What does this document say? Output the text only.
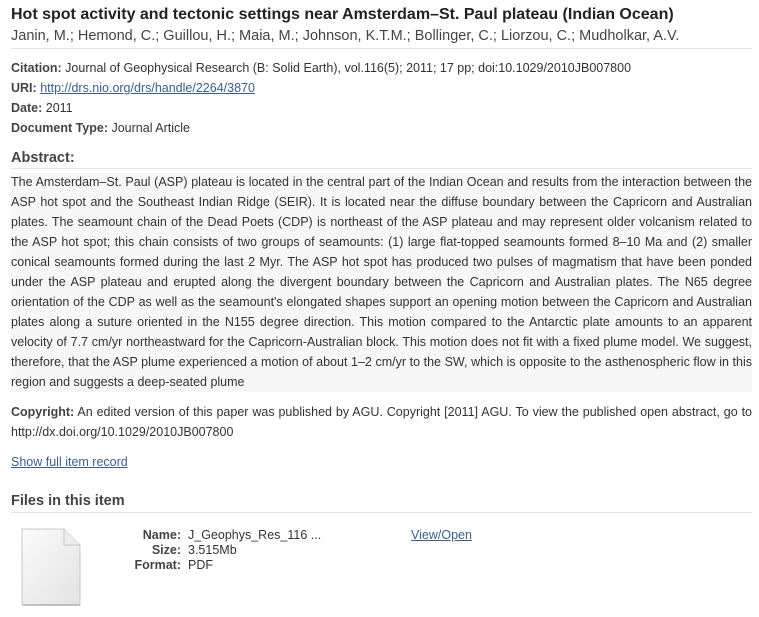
Hot spot activity and tectonic settings near Amsterdam–St. Paul plateau (Indian Ocean)
Janin, M.; Hemond, C.; Guillou, H.; Maia, M.; Johnson, K.T.M.; Bollinger, C.; Liorzou, C.; Mudholkar, A.V.
Citation: Journal of Geophysical Research (B: Solid Earth), vol.116(5); 2011; 17 pp; doi:10.1029/2010JB007800
URI: http://drs.nio.org/drs/handle/2264/3870
Date: 2011
Document Type: Journal Article
Abstract:

The Amsterdam–St. Paul (ASP) plateau is located in the central part of the Indian Ocean and results from the interaction between the ASP hot spot and the Southeast Indian Ridge (SEIR). It is located near the diffuse boundary between the Capricorn and Australian plates. The seamount chain of the Dead Poets (CDP) is northeast of the ASP plateau and may represent older volcanism related to the ASP hot spot; this chain consists of two groups of seamounts: (1) large flat-topped seamounts formed 8–10 Ma and (2) smaller conical seamounts formed during the last 2 Myr. The ASP hot spot has produced two pulses of magmatism that have been ponded under the ASP plateau and erupted along the divergent boundary between the Capricorn and Australian plates. The N65 degree orientation of the CDP as well as the seamount's elongated shapes support an opening motion between the Capricorn and Australian plates along a suture oriented in the N155 degree direction. This motion compared to the Antarctic plate amounts to an apparent velocity of 7.7 cm/yr northeastward for the Capricorn-Australian block. This motion does not fit with a fixed plume model. We suggest, therefore, that the ASP plume experienced a motion of about 1–2 cm/yr to the SW, which is opposite to the asthenospheric flow in this region and suggests a deep-seated plume

Copyright: An edited version of this paper was published by AGU. Copyright [2011] AGU. To view the published open abstract, go to http://dx.doi.org/10.1029/2010JB007800

Show full item record
Files in this item
Name:
Size:
Format:
J_Geophys_Res_116 ...
3.515Mb
PDF
View/Open
